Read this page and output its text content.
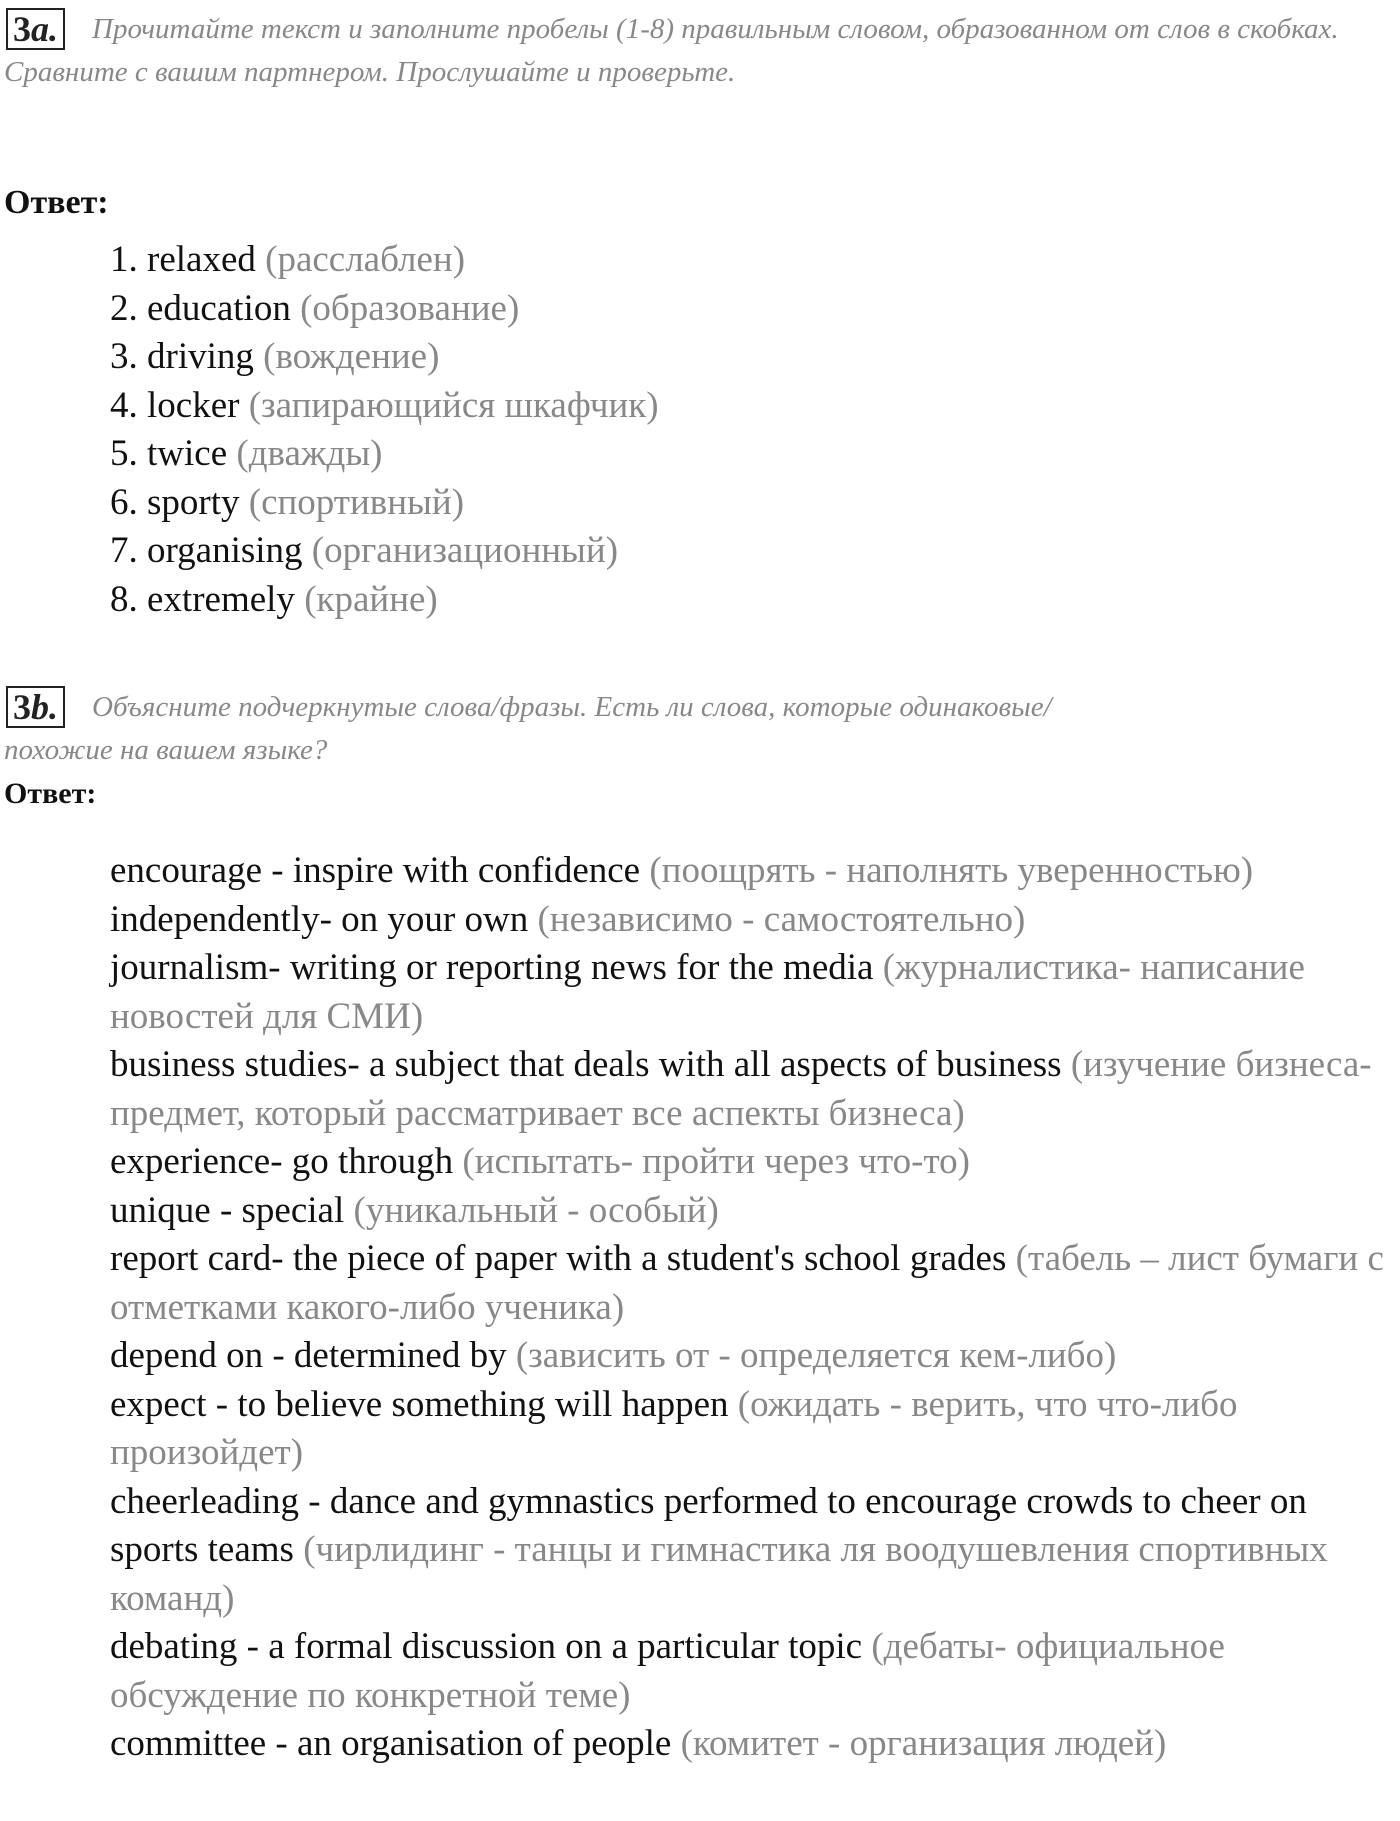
3a.	Прочитайте текст и заполните пробелы (1-8) правильным словом, образованном от слов в скобках. Сравните с вашим партнером. Прослушайте и проверьте.

Ответ:

1. relaxed (расслаблен)
2. education (образование)
3. driving (вождение)
4. locker (запирающийся шкафчик)
5. twice (дважды)
6. sporty (спортивный)
7. organising (организационный)
8. extremely (крайне)
3b.	Объясните подчеркнутые слова/фразы. Есть ли слова, которые одинаковые/похожие на вашем языке?

Ответ:

encourage - inspire with confidence (поощрять - наполнять уверенностью)

independently- on your own (независимо - самостоятельно)

journalism- writing or reporting news for the media (журналистика- написание новостей для СМИ)

business studies- a subject that deals with all aspects of business (изучение бизнеса- предмет, который рассматривает все аспекты бизнеса)

experience- go through (испытать- пройти через что-то)

unique - special (уникальный - особый)

report card- the piece of paper with a student's school grades (табель – лист бумаги с отметками какого-либо ученика)

depend on - determined by (зависить от - определяется кем-либо)

expect - to believe something will happen (ожидать - верить, что что-либо произойдет)

cheerleading - dance and gymnastics performed to encourage crowds to cheer on sports teams (чирлидинг - танцы и гимнастика ля воодушевления спортивных команд)

debating - a formal discussion on a particular topic (дебаты- официальное обсуждение по конкретной теме)

committee - an organisation of people (комитет - организация людей)
